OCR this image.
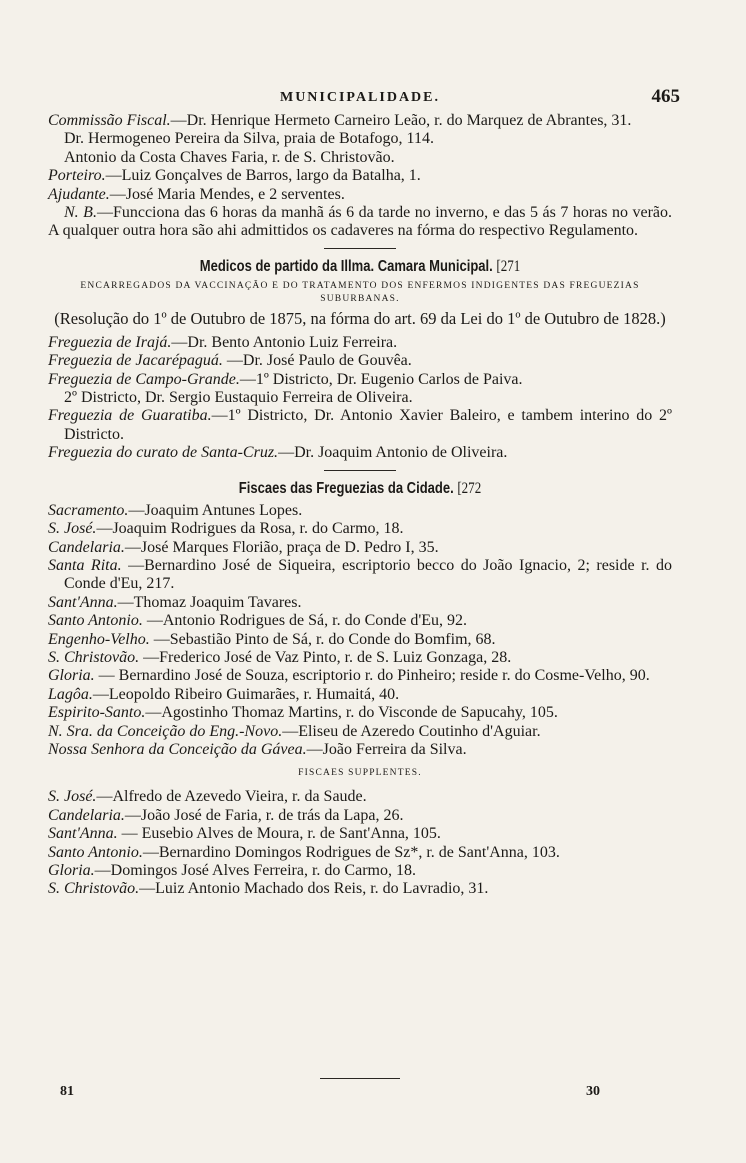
MUNICIPALIDADE.	465

Commissão Fiscal.—Dr. Henrique Hermeto Carneiro Leão, r. do Marquez de Abrantes, 31.

Dr. Hermogeneo Pereira da Silva, praia de Botafogo, 114.

Antonio da Costa Chaves Faria, r. de S. Christovão.

Porteiro.—Luiz Gonçalves de Barros, largo da Batalha, 1.

Ajudante.—José Maria Mendes, e 2 serventes.

N. B.—Funcciona das 6 horas da manhã ás 6 da tarde no inverno, e das 5 ás 7 horas no verão. A qualquer outra hora são ahi admittidos os cadaveres na fórma do respectivo Regulamento.

Medicos de partido da Illma. Camara Municipal. [271
ENCARREGADOS DA VACCINAÇÃO E DO TRATAMENTO DOS ENFERMOS INDIGENTES DAS FREGUEZIAS SUBURBANAS.
(Resolução do 1º de Outubro de 1875, na fórma do art. 69 da Lei do 1º de Outubro de 1828.)

Freguezia de Irajá.—Dr. Bento Antonio Luiz Ferreira.

Freguezia de Jacarépaguá. —Dr. José Paulo de Gouvêa.

Freguezia de Campo-Grande.—1º Districto, Dr. Eugenio Carlos de Paiva.

2º Districto, Dr. Sergio Eustaquio Ferreira de Oliveira.

Freguezia de Guaratiba.—1º Districto, Dr. Antonio Xavier Baleiro, e tambem interino do 2º Districto.

Freguezia do curato de Santa-Cruz.—Dr. Joaquim Antonio de Oliveira.

Fiscaes das Freguezias da Cidade. [272

Sacramento.—Joaquim Antunes Lopes.

S. José.—Joaquim Rodrigues da Rosa, r. do Carmo, 18.

Candelaria.—José Marques Florião, praça de D. Pedro I, 35.

Santa Rita. —Bernardino José de Siqueira, escriptorio becco do João Ignacio, 2; reside r. do Conde d'Eu, 217.

Sant'Anna.—Thomaz Joaquim Tavares.

Santo Antonio. —Antonio Rodrigues de Sá, r. do Conde d'Eu, 92.

Engenho-Velho. —Sebastião Pinto de Sá, r. do Conde do Bomfim, 68.

S. Christovão. —Frederico José de Vaz Pinto, r. de S. Luiz Gonzaga, 28.

Gloria. — Bernardino José de Souza, escriptorio r. do Pinheiro; reside r. do Cosme-Velho, 90.

Lagôa.—Leopoldo Ribeiro Guimarães, r. Humaitá, 40.

Espirito-Santo.—Agostinho Thomaz Martins, r. do Visconde de Sapucahy, 105.

N. Sra. da Conceição do Eng.-Novo.—Eliseu de Azeredo Coutinho d'Aguiar.

Nossa Senhora da Conceição da Gávea.—João Ferreira da Silva.

FISCAES SUPPLENTES.

S. José.—Alfredo de Azevedo Vieira, r. da Saude.

Candelaria.—João José de Faria, r. de trás da Lapa, 26.

Sant'Anna. — Eusebio Alves de Moura, r. de Sant'Anna, 105.

Santo Antonio.—Bernardino Domingos Rodrigues de Sz*, r. de Sant'Anna, 103.

Gloria.—Domingos José Alves Ferreira, r. do Carmo, 18.

S. Christovão.—Luiz Antonio Machado dos Reis, r. do Lavradio, 31.

81	30
